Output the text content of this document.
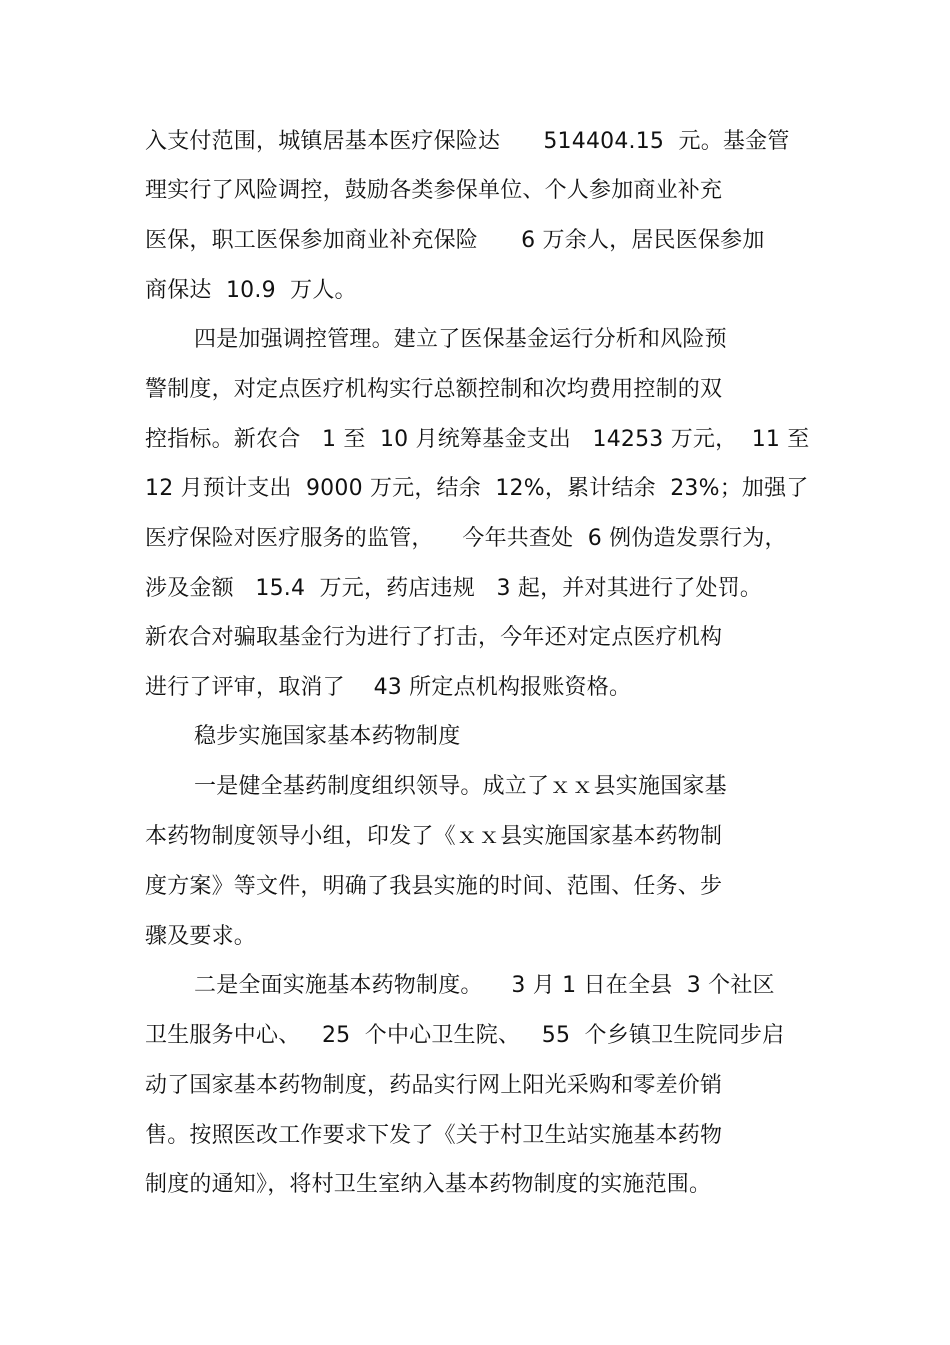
入支付范围，城镇居基本医疗保险达      514404.15  元。基金管
理实行了风险调控，鼓励各类参保单位、个人参加商业补充
医保，职工医保参加商业补充保险      6 万余人，居民医保参加
商保达  10.9  万人。
四是加强调控管理。建立了医保基金运行分析和风险预
警制度，对定点医疗机构实行总额控制和次均费用控制的双
控指标。新农合   1 至  10 月统筹基金支出   14253 万元，  11 至
12 月预计支出  9000 万元，结余  12%，累计结余  23%；加强了
医疗保险对医疗服务的监管，    今年共查处  6 例伪造发票行为，
涉及金额   15.4  万元，药店违规   3 起，并对其进行了处罚。
新农合对骗取基金行为进行了打击，今年还对定点医疗机构
进行了评审，取消了    43 所定点机构报账资格。
稳步实施国家基本药物制度
一是健全基药制度组织领导。成立了ｘｘ县实施国家基
本药物制度领导小组，印发了《ｘｘ县实施国家基本药物制
度方案》等文件，明确了我县实施的时间、范围、任务、步
骤及要求。
二是全面实施基本药物制度。    3 月 1 日在全县  3 个社区
卫生服务中心、   25  个中心卫生院、   55  个乡镇卫生院同步启
动了国家基本药物制度，药品实行网上阳光采购和零差价销
售。按照医改工作要求下发了《关于村卫生站实施基本药物
制度的通知》，将村卫生室纳入基本药物制度的实施范围。
